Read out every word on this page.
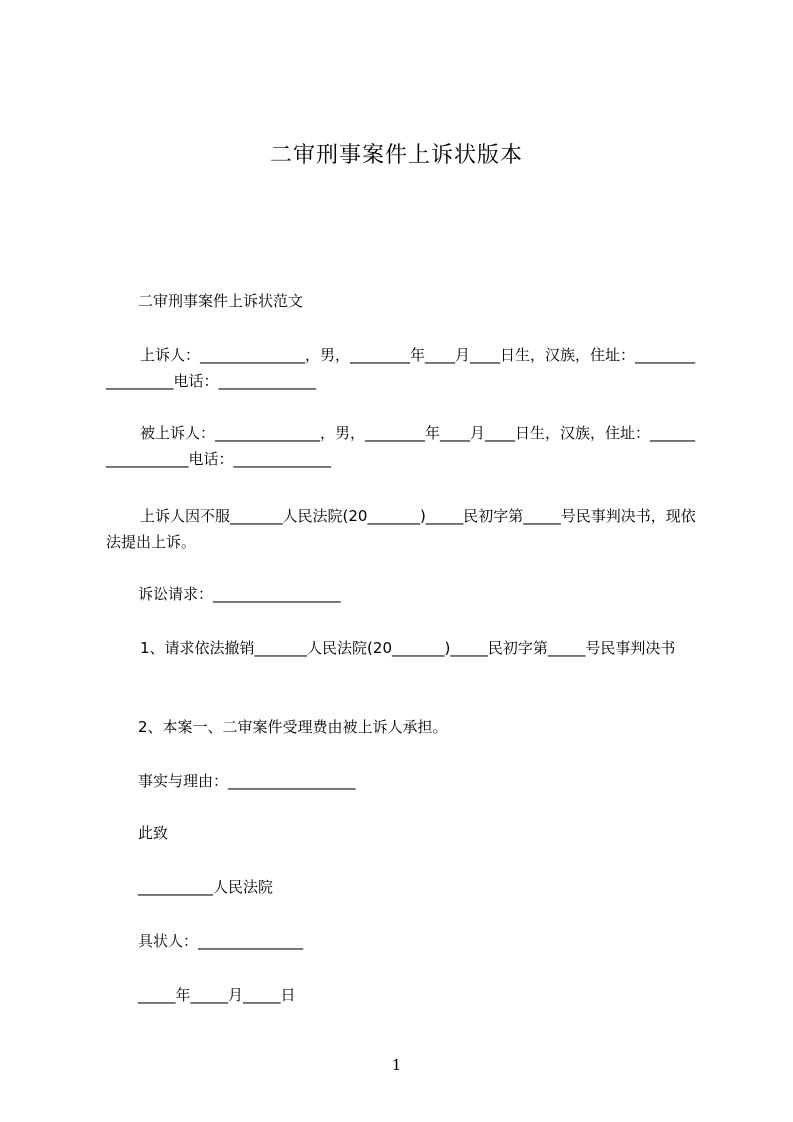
二审刑事案件上诉状版本
二审刑事案件上诉状范文
上诉人：______________，男，________年____月____日生，汉族，住址：_________________电话：_____________
被上诉人：______________，男，________年____月____日生，汉族，住址：_________________电话：_____________
上诉人因不服_______人民法院(20_______)_____民初字第_____号民事判决书，现依法提出上诉。
诉讼请求：_________________
1、请求依法撤销_______人民法院(20_______)_____民初字第_____号民事判决书
2、本案一、二审案件受理费由被上诉人承担。
事实与理由：_________________
此致
__________人民法院
具状人：______________
_____年_____月_____日
1
